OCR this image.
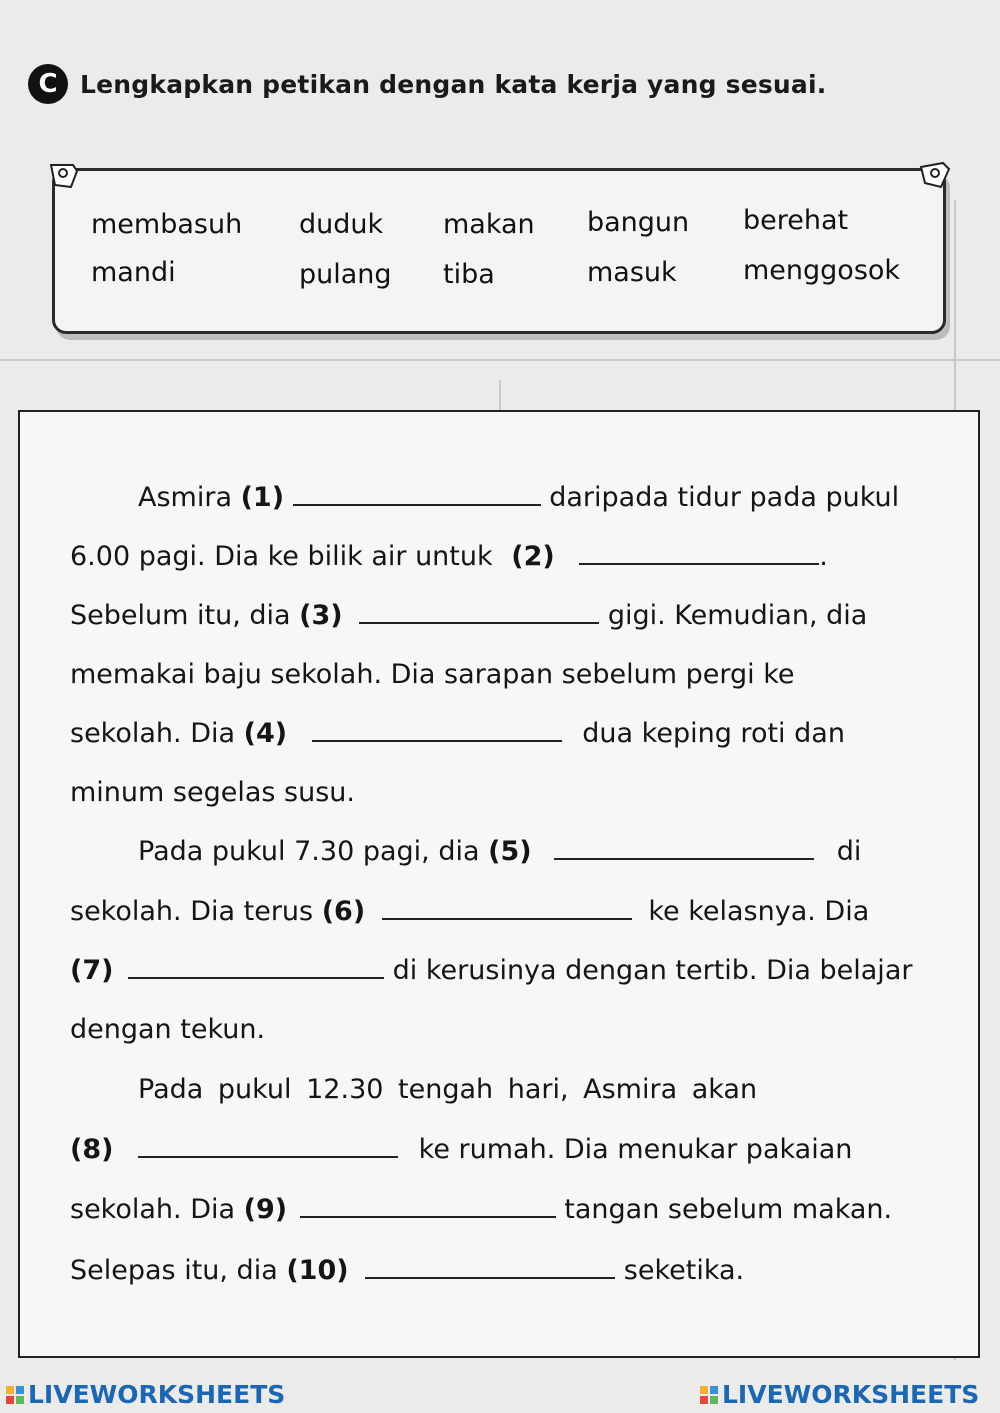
C Lengkapkan petikan dengan kata kerja yang sesuai.
membasuh duduk makan bangun berehat
mandi	pulang tiba	masuk menggosok
Asmira (1)	daripada tidur pada pukul
6.00 pagi. Dia ke bilik air untuk (2)	.
Sebelum itu, dia (3)	gigi. Kemudian, dia
memakai baju sekolah. Dia sarapan sebelum pergi ke
sekolah. Dia (4)	dua keping roti dan
minum segelas susu.
Pada pukul 7.30 pagi, dia (5)	di
sekolah. Dia terus (6)	ke kelasnya. Dia
(7)	di kerusinya dengan tertib. Dia belajar
dengan tekun.
Pada pukul 12.30 tengah hari, Asmira akan
(8)	ke rumah. Dia menukar pakaian
sekolah. Dia (9)	tangan sebelum makan.
Selepas itu, dia (10)	seketika.
LIVEWORKSHEETS	LIVEWORKSHEETS
